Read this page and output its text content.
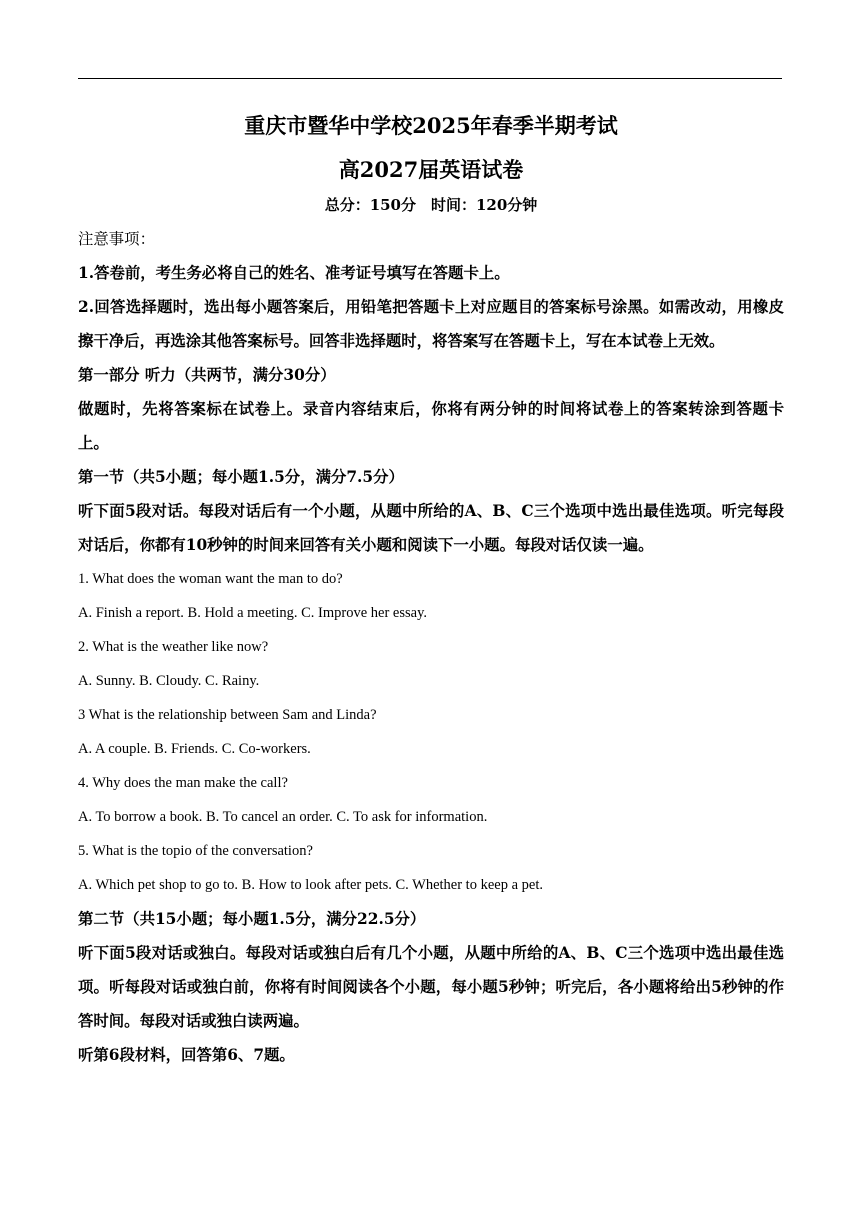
重庆市暨华中学校2025年春季半期考试
高2027届英语试卷
总分：150分　时间：120分钟

注意事项：

1.答卷前，考生务必将自己的姓名、准考证号填写在答题卡上。

2.回答选择题时，选出每小题答案后，用铅笔把答题卡上对应题目的答案标号涂黑。如需改动，用橡皮擦干净后，再选涂其他答案标号。回答非选择题时，将答案写在答题卡上，写在本试卷上无效。

第一部分 听力（共两节，满分30分）

做题时，先将答案标在试卷上。录音内容结束后，你将有两分钟的时间将试卷上的答案转涂到答题卡上。

第一节（共5小题；每小题1.5分，满分7.5分）

听下面5段对话。每段对话后有一个小题，从题中所给的A、B、C三个选项中选出最佳选项。听完每段对话后，你都有10秒钟的时间来回答有关小题和阅读下一小题。每段对话仅读一遍。

1. What does the woman want the man to do?

A. Finish a report. B. Hold a meeting. C. Improve her essay.

2. What is the weather like now?

A. Sunny. B. Cloudy. C. Rainy.

3 What is the relationship between Sam and Linda?

A. A couple. B. Friends. C. Co-workers.

4. Why does the man make the call?

A. To borrow a book. B. To cancel an order. C. To ask for information.

5. What is the topio of the conversation?

A. Which pet shop to go to. B. How to look after pets. C. Whether to keep a pet.

第二节（共15小题；每小题1.5分，满分22.5分）

听下面5段对话或独白。每段对话或独白后有几个小题，从题中所给的A、B、C三个选项中选出最佳选项。听每段对话或独白前，你将有时间阅读各个小题，每小题5秒钟；听完后，各小题将给出5秒钟的作答时间。每段对话或独白读两遍。

听第6段材料，回答第6、7题。
